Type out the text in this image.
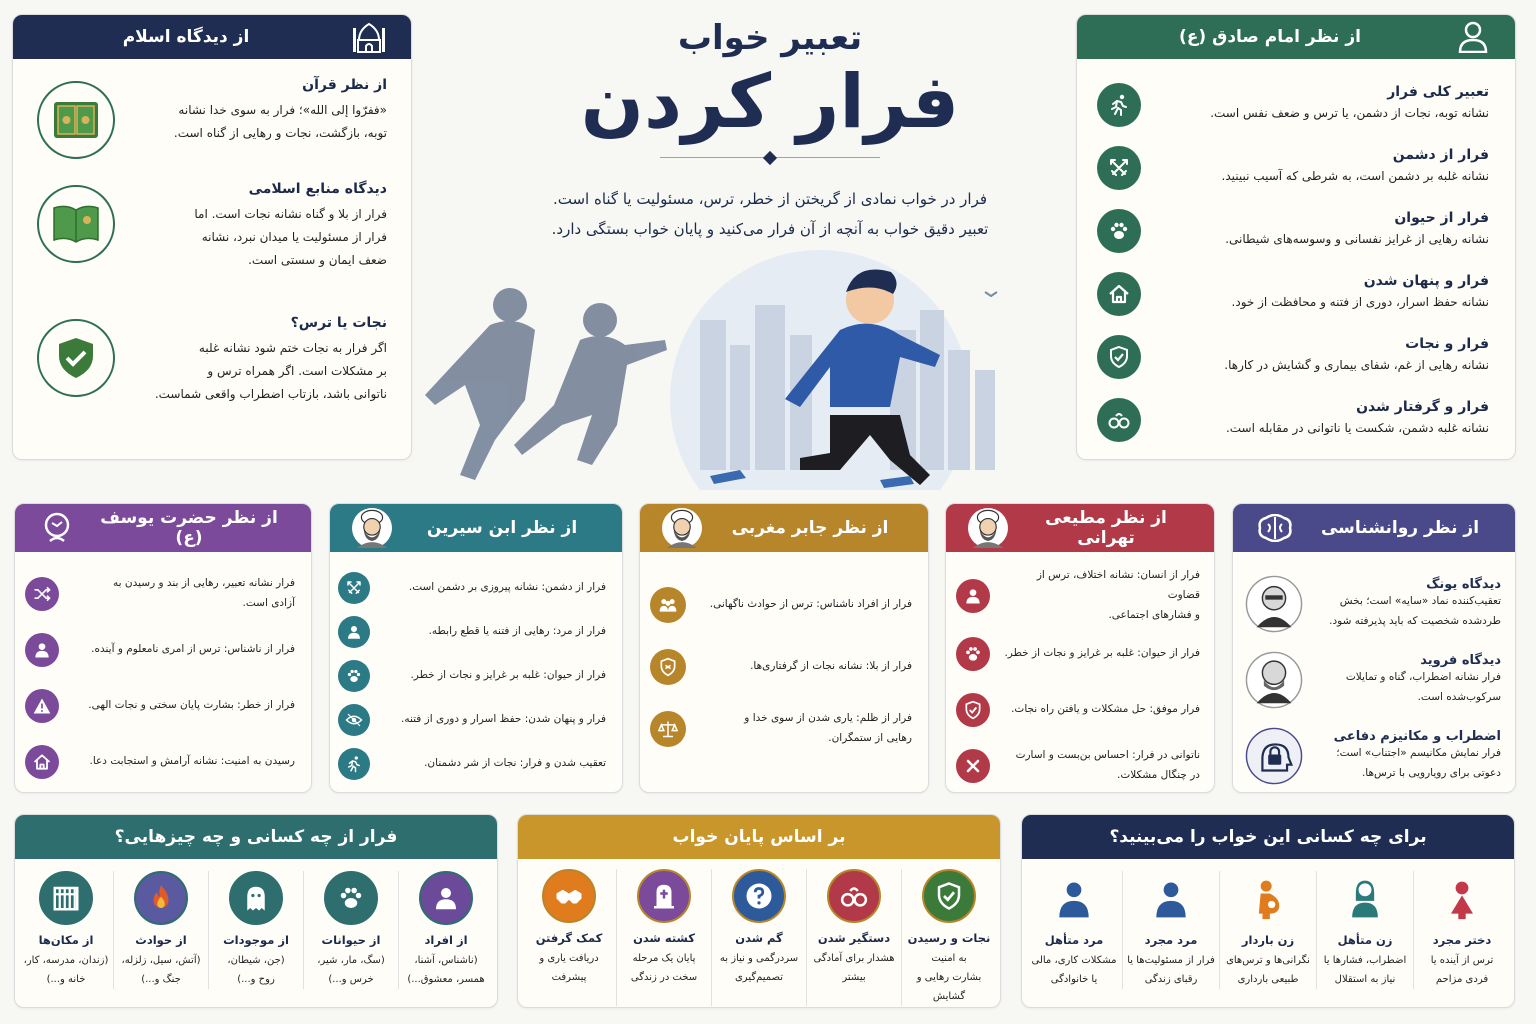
تعبیر خواب
فرار کردن
فرار در خواب نمادی از گریختن از خطر، ترس، مسئولیت یا گناه است.
تعبیر دقیق خواب به آنچه از آن فرار می‌کنید و پایان خواب بستگی دارد.
از دیدگاه اسلام
از نظر قرآن
«ففرّوا إلی الله»؛ فرار به سوی خدا نشانه
توبه، بازگشت، نجات و رهایی از گناه است.
دیدگاه منابع اسلامی
فرار از بلا و گناه نشانه نجات است. اما
فرار از مسئولیت یا میدان نبرد، نشانه
ضعف ایمان و سستی است.
نجات یا ترس؟
اگر فرار به نجات ختم شود نشانه غلبه
بر مشکلات است. اگر همراه ترس و
ناتوانی باشد، بازتاب اضطراب واقعی شماست.
از نظر امام صادق (ع)
تعبیر کلی فرار
نشانه توبه، نجات از دشمن، یا ترس و ضعف نفس است.
فرار از دشمن
نشانه غلبه بر دشمن است، به شرطی که آسیب نبینید.
فرار از حیوان
نشانه رهایی از غرایز نفسانی و وسوسه‌های شیطانی.
فرار و پنهان شدن
نشانه حفظ اسرار، دوری از فتنه و محافظت از خود.
فرار و نجات
نشانه رهایی از غم، شفای بیماری و گشایش در کارها.
فرار و گرفتار شدن
نشانه غلبه دشمن، شکست یا ناتوانی در مقابله است.
از نظر روانشناسی
دیدگاه یونگ
تعقیب‌کننده نماد «سایه» است؛ بخش
طردشده شخصیت که باید پذیرفته شود.
دیدگاه فروید
فرار نشانه اضطراب، گناه و تمایلات
سرکوب‌شده است.
اضطراب و مکانیزم دفاعی
فرار نمایش مکانیسم «اجتناب» است؛
دعوتی برای رویارویی با ترس‌ها.
از نظر مطیعی تهرانی
فرار از انسان: نشانه اختلاف، ترس از قضاوت
و فشارهای اجتماعی.
فرار از حیوان: غلبه بر غرایز و نجات از خطر.
فرار موفق: حل مشکلات و یافتن راه نجات.
ناتوانی در فرار: احساس بن‌بست و اسارت
در چنگال مشکلات.
از نظر جابر مغربی
فرار از افراد ناشناس: ترس از حوادث ناگهانی.
فرار از بلا: نشانه نجات از گرفتاری‌ها.
فرار از ظلم: یاری شدن از سوی خدا و
رهایی از ستمگران.
از نظر ابن سیرین
فرار از دشمن: نشانه پیروزی بر دشمن است.
فرار از مرد: رهایی از فتنه یا قطع رابطه.
فرار از حیوان: غلبه بر غرایز و نجات از خطر.
فرار و پنهان شدن: حفظ اسرار و دوری از فتنه.
تعقیب شدن و فرار: نجات از شر دشمنان.
از نظر حضرت یوسف (ع)
فرار نشانه تعبیر، رهایی از بند و رسیدن به
آزادی است.
فرار از ناشناس: ترس از امری نامعلوم و آینده.
فرار از خطر: بشارت پایان سختی و نجات الهی.
رسیدن به امنیت: نشانه آرامش و استجابت دعا.
برای چه کسانی این خواب را می‌بینید؟
دختر مجرد
ترس از آینده یا
فردی مزاحم
زن متأهل
اضطراب، فشارها یا
نیاز به استقلال
زن باردار
نگرانی‌ها و ترس‌های
طبیعی بارداری
مرد مجرد
فرار از مسئولیت‌ها یا
رقبای زندگی
مرد متأهل
مشکلات کاری، مالی
یا خانوادگی
بر اساس پایان خواب
نجات و رسیدن
به امنیت
بشارت رهایی و
گشایش
دستگیر شدن
هشدار برای آمادگی
بیشتر
گم شدن
سردرگمی و نیاز به
تصمیم‌گیری
کشته شدن
پایان یک مرحله
سخت در زندگی
کمک گرفتن
دریافت یاری و
پیشرفت
فرار از چه کسانی و چه چیزهایی؟
از افراد
(ناشناس، آشنا،
همسر، معشوق...)
از حیوانات
(سگ، مار، شیر،
خرس و...)
از موجودات
(جن، شیطان،
روح و...)
از حوادث
(آتش، سیل، زلزله،
جنگ و...)
از مکان‌ها
(زندان، مدرسه، کار،
خانه و...)
